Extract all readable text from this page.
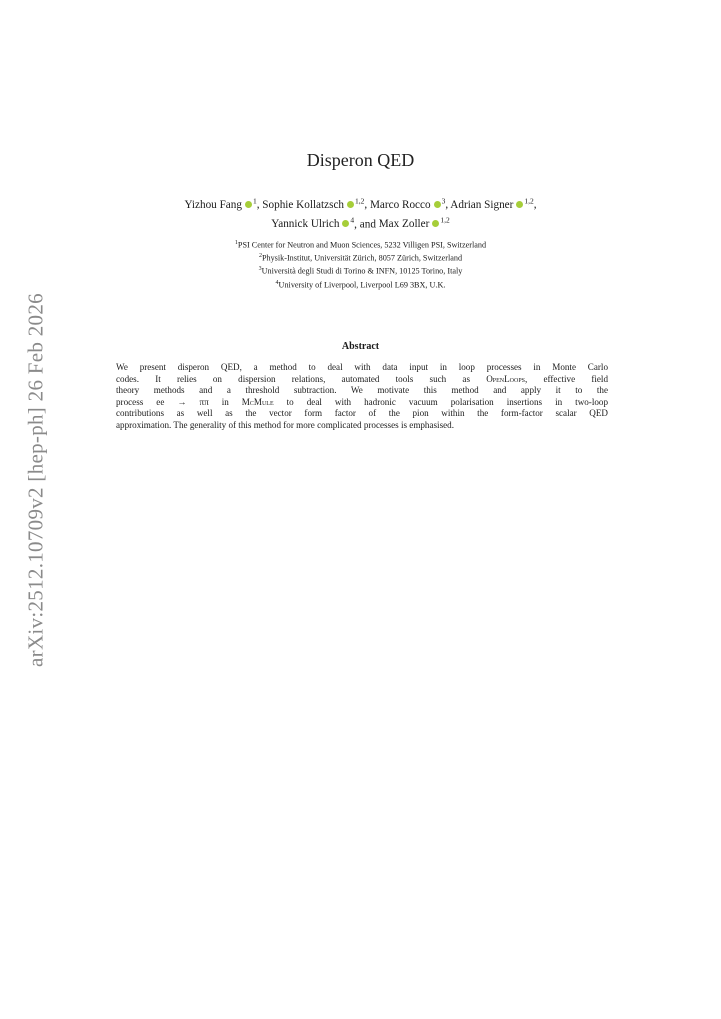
arXiv:2512.10709v2 [hep-ph] 26 Feb 2026
Disperon QED
Yizhou Fang $^1$, Sophie Kollatzsch $^{1,2}$, Marco Rocco $^3$, Adrian Signer $^{1,2}$,
Yannick Ulrich $^4$, and Max Zoller $^{1,2}$
$^1$PSI Center for Neutron and Muon Sciences, 5232 Villigen PSI, Switzerland
$^2$Physik-Institut, Universität Zürich, 8057 Zürich, Switzerland
$^3$Università degli Studi di Torino & INFN, 10125 Torino, Italy
$^4$University of Liverpool, Liverpool L69 3BX, U.K.
Abstract
We present disperon QED, a method to deal with data input in loop processes in Monte Carlo
codes. It relies on dispersion relations, automated tools such as OpenLoops, effective field
theory methods and a threshold subtraction. We motivate this method and apply it to the
process ee → ππ in McMule to deal with hadronic vacuum polarisation insertions in two-loop
contributions as well as the vector form factor of the pion within the form-factor scalar QED
approximation. The generality of this method for more complicated processes is emphasised.
